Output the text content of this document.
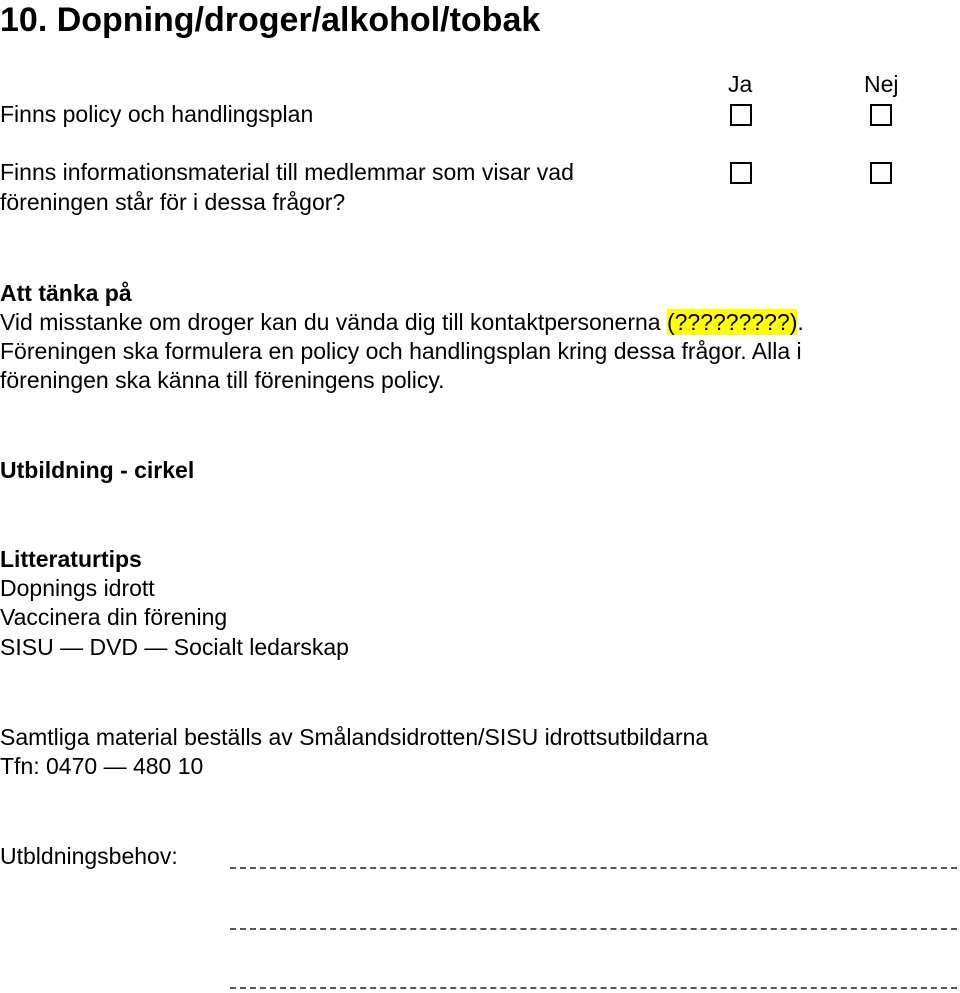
10. Dopning/droger/alkohol/tobak
Ja	Nej
Finns policy och handlingsplan
Finns informationsmaterial till medlemmar som visar vad
föreningen står för i dessa frågor?
Att tänka på
Vid misstanke om droger kan du vända dig till kontaktpersonerna (?????????).
Föreningen ska formulera en policy och handlingsplan kring dessa frågor. Alla i
föreningen ska känna till föreningens policy.
Utbildning - cirkel
Litteraturtips
Dopnings idrott
Vaccinera din förening
SISU — DVD — Socialt ledarskap
Samtliga material beställs av Smålandsidrotten/SISU idrottsutbildarna
Tfn: 0470 — 480 10
Utbldningsbehov:
